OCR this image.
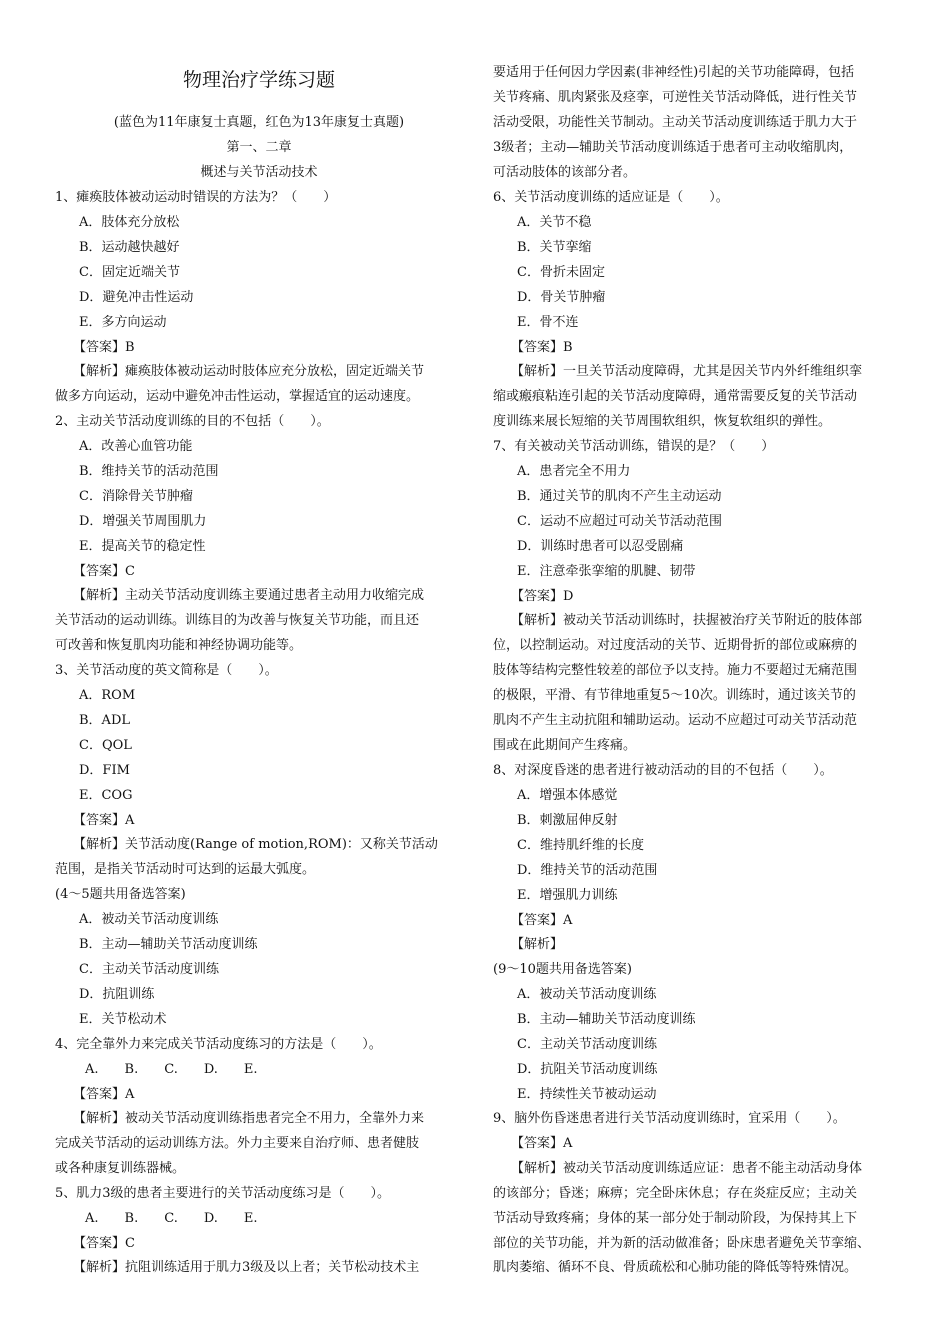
物理治疗学练习题
(蓝色为11年康复士真题，红色为13年康复士真题)
第一、二章
概述与关节活动技术
1、瘫痪肢体被动运动时错误的方法为？（　　）
A．肢体充分放松
B．运动越快越好
C．固定近端关节
D．避免冲击性运动
E．多方向运动
【答案】B
【解析】瘫痪肢体被动运动时肢体应充分放松，固定近端关节
做多方向运动，运动中避免冲击性运动，掌握适宜的运动速度。
2、主动关节活动度训练的目的不包括（　　）。
A．改善心血管功能
B．维持关节的活动范围
C．消除骨关节肿瘤
D．增强关节周围肌力
E．提高关节的稳定性
【答案】C
【解析】主动关节活动度训练主要通过患者主动用力收缩完成
关节活动的运动训练。训练目的为改善与恢复关节功能，而且还
可改善和恢复肌肉功能和神经协调功能等。
3、关节活动度的英文简称是（　　）。
A．ROM
B．ADL
C．QOL
D．FIM
E．COG
【答案】A
【解析】关节活动度(Range of motion,ROM)：又称关节活动
范围，是指关节活动时可达到的运最大弧度。
(4～5题共用备选答案)
A．被动关节活动度训练
B．主动—辅助关节活动度训练
C．主动关节活动度训练
D．抗阻训练
E．关节松动术
4、完全靠外力来完成关节活动度练习的方法是（　　）。
A.　　B.　　C.　　D.　　E.
【答案】A
【解析】被动关节活动度训练指患者完全不用力，全靠外力来
完成关节活动的运动训练方法。外力主要来自治疗师、患者健肢
或各种康复训练器械。
5、肌力3级的患者主要进行的关节活动度练习是（　　）。
A.　　B.　　C.　　D.　　E.
【答案】C
【解析】抗阻训练适用于肌力3级及以上者；关节松动技术主
要适用于任何因力学因素(非神经性)引起的关节功能障碍，包括
关节疼痛、肌肉紧张及痉挛，可逆性关节活动降低，进行性关节
活动受限，功能性关节制动。主动关节活动度训练适于肌力大于
3级者；主动—辅助关节活动度训练适于患者可主动收缩肌肉，
可活动肢体的该部分者。
6、关节活动度训练的适应证是（　　）。
A．关节不稳
B．关节挛缩
C．骨折未固定
D．骨关节肿瘤
E．骨不连
【答案】B
【解析】一旦关节活动度障碍，尤其是因关节内外纤维组织挛
缩或瘢痕粘连引起的关节活动度障碍，通常需要反复的关节活动
度训练来展长短缩的关节周围软组织，恢复软组织的弹性。
7、有关被动关节活动训练，错误的是？（　　）
A．患者完全不用力
B．通过关节的肌肉不产生主动运动
C．运动不应超过可动关节活动范围
D．训练时患者可以忍受剧痛
E．注意牵张挛缩的肌腱、韧带
【答案】D
【解析】被动关节活动训练时，扶握被治疗关节附近的肢体部
位，以控制运动。对过度活动的关节、近期骨折的部位或麻痹的
肢体等结构完整性较差的部位予以支持。施力不要超过无痛范围
的极限，平滑、有节律地重复5～10次。训练时，通过该关节的
肌肉不产生主动抗阻和辅助运动。运动不应超过可动关节活动范
围或在此期间产生疼痛。
8、对深度昏迷的患者进行被动活动的目的不包括（　　）。
A．增强本体感觉
B．刺激屈伸反射
C．维持肌纤维的长度
D．维持关节的活动范围
E．增强肌力训练
【答案】A
【解析】
(9～10题共用备选答案)
A．被动关节活动度训练
B．主动—辅助关节活动度训练
C．主动关节活动度训练
D．抗阻关节活动度训练
E．持续性关节被动运动
9、脑外伤昏迷患者进行关节活动度训练时，宜采用（　　）。
【答案】A
【解析】被动关节活动度训练适应证：患者不能主动活动身体
的该部分；昏迷；麻痹；完全卧床休息；存在炎症反应；主动关
节活动导致疼痛；身体的某一部分处于制动阶段，为保持其上下
部位的关节功能，并为新的活动做准备；卧床患者避免关节挛缩、
肌肉萎缩、循环不良、骨质疏松和心肺功能的降低等特殊情况。
